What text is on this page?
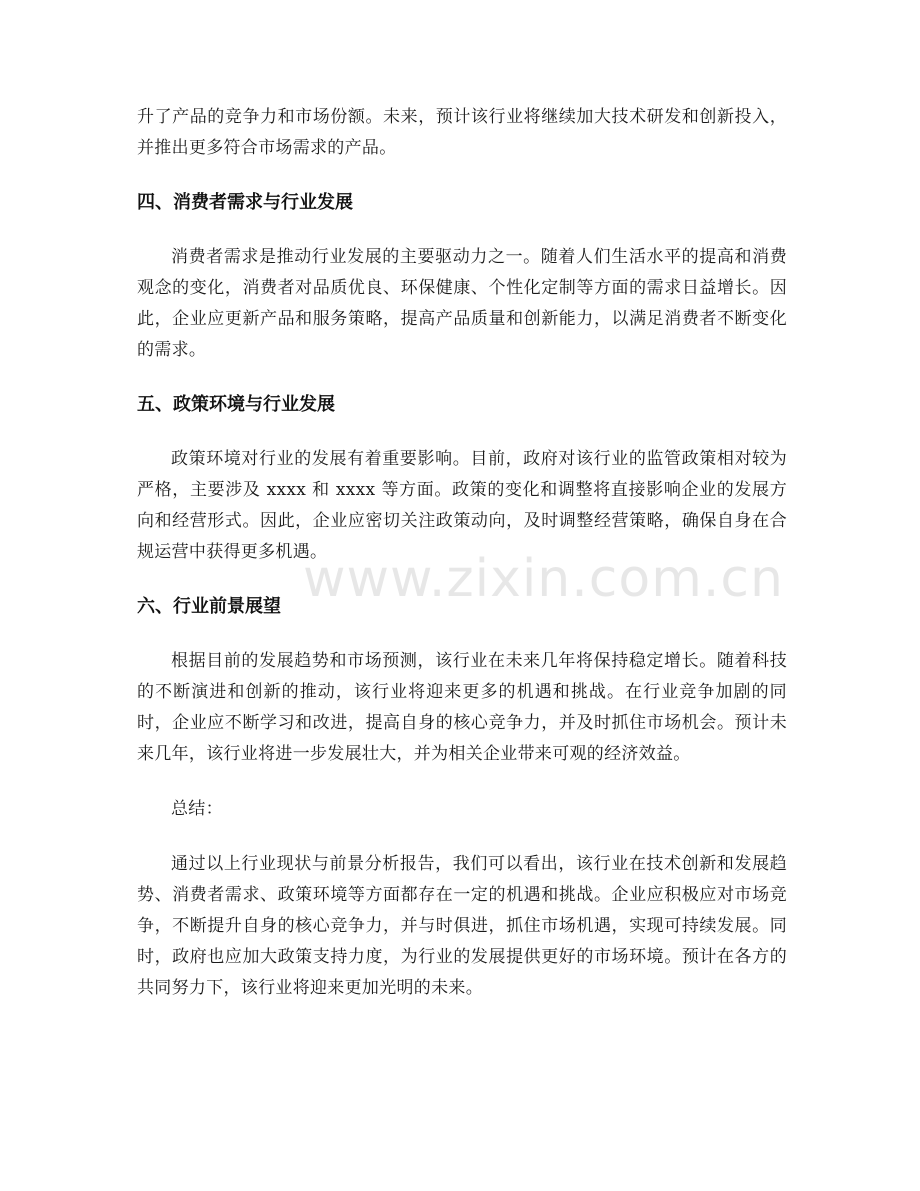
升了产品的竞争力和市场份额。未来，预计该行业将继续加大技术研发和创新投入，并推出更多符合市场需求的产品。

四、消费者需求与行业发展

消费者需求是推动行业发展的主要驱动力之一。随着人们生活水平的提高和消费观念的变化，消费者对品质优良、环保健康、个性化定制等方面的需求日益增长。因此，企业应更新产品和服务策略，提高产品质量和创新能力，以满足消费者不断变化的需求。

五、政策环境与行业发展

政策环境对行业的发展有着重要影响。目前，政府对该行业的监管政策相对较为严格，主要涉及 xxxx 和 xxxx 等方面。政策的变化和调整将直接影响企业的发展方向和经营形式。因此，企业应密切关注政策动向，及时调整经营策略，确保自身在合规运营中获得更多机遇。

六、行业前景展望

根据目前的发展趋势和市场预测，该行业在未来几年将保持稳定增长。随着科技的不断演进和创新的推动，该行业将迎来更多的机遇和挑战。在行业竞争加剧的同时，企业应不断学习和改进，提高自身的核心竞争力，并及时抓住市场机会。预计未来几年，该行业将进一步发展壮大，并为相关企业带来可观的经济效益。

总结：

通过以上行业现状与前景分析报告，我们可以看出，该行业在技术创新和发展趋势、消费者需求、政策环境等方面都存在一定的机遇和挑战。企业应积极应对市场竞争，不断提升自身的核心竞争力，并与时俱进，抓住市场机遇，实现可持续发展。同时，政府也应加大政策支持力度，为行业的发展提供更好的市场环境。预计在各方的共同努力下，该行业将迎来更加光明的未来。

www.zixin.com.cn
